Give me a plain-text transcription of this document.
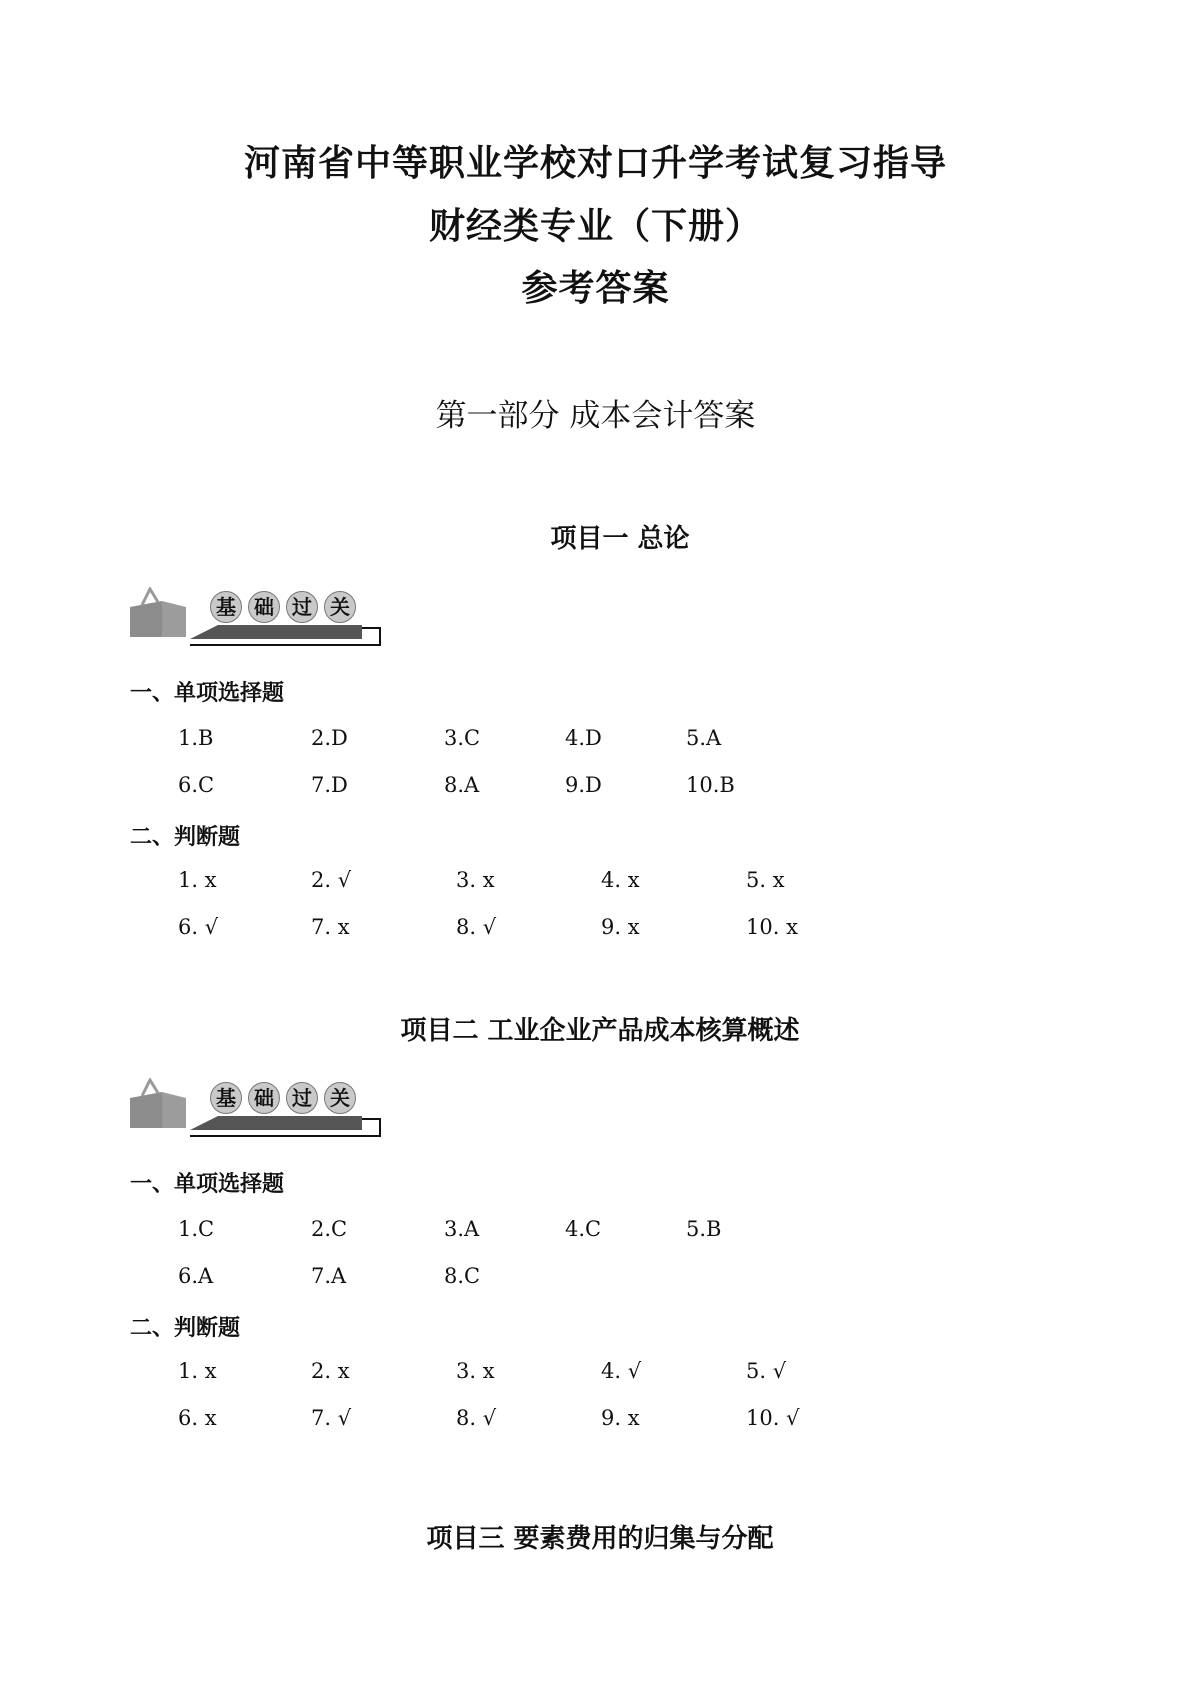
河南省中等职业学校对口升学考试复习指导
财经类专业（下册）
参考答案
第一部分 成本会计答案
项目一 总论
基 础 过 关
一、单项选择题
1.B	2.D	3.C	4.D	5.A
6.C	7.D	8.A	9.D	10.B
二、判断题
1. x	2. √	3. x	4. x	5. x
6. √	7. x	8. √	9. x	10. x
项目二 工业企业产品成本核算概述
基 础 过 关
一、单项选择题
1.C	2.C	3.A	4.C	5.B
6.A	7.A	8.C
二、判断题
1. x	2. x	3. x	4. √	5. √
6. x	7. √	8. √	9. x	10. √
项目三 要素费用的归集与分配
